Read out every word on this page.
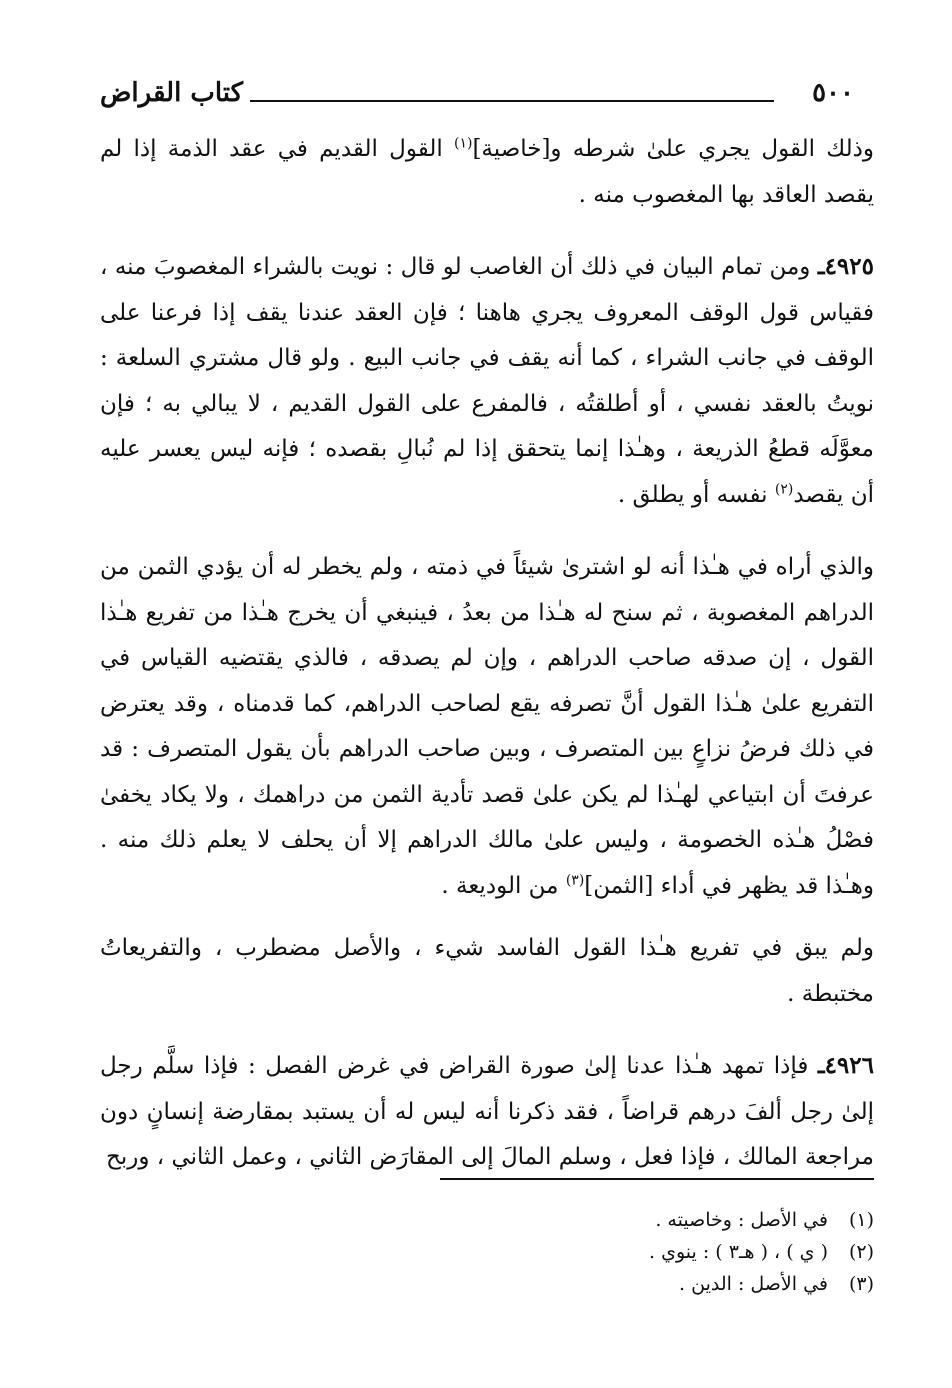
٥٠٠
كتاب القراض

وذلك القول يجري علىٰ شرطه و[خاصية]$^{(١)}$ القول القديم في عقد الذمة إذا لم يقصد العاقد بها المغصوب منه .

٤٩٢٥ـ ومن تمام البيان في ذلك أن الغاصب لو قال : نويت بالشراء المغصوبَ منه ، فقياس قول الوقف المعروف يجري هاهنا ؛ فإن العقد عندنا يقف إذا فرعنا على الوقف في جانب الشراء ، كما أنه يقف في جانب البيع . ولو قال مشتري السلعة : نويتُ بالعقد نفسي ، أو أطلقتُه ، فالمفرع على القول القديم ، لا يبالي به ؛ فإن معوَّلَه قطعُ الذريعة ، وهـٰذا إنما يتحقق إذا لم نُبالِ بقصده ؛ فإنه ليس يعسر عليه أن يقصد$^{(٢)}$ نفسه أو يطلق .

والذي أراه في هـٰذا أنه لو اشترىٰ شيئاً في ذمته ، ولم يخطر له أن يؤدي الثمن من الدراهم المغصوبة ، ثم سنح له هـٰذا من بعدُ ، فينبغي أن يخرج هـٰذا من تفريع هـٰذا القول ، إن صدقه صاحب الدراهم ، وإن لم يصدقه ، فالذي يقتضيه القياس في التفريع علىٰ هـٰذا القول أنَّ تصرفه يقع لصاحب الدراهم، كما قدمناه ، وقد يعترض في ذلك فرضُ نزاعٍ بين المتصرف ، وبين صاحب الدراهم بأن يقول المتصرف : قد عرفتَ أن ابتياعي لهـٰذا لم يكن علىٰ قصد تأدية الثمن من دراهمك ، ولا يكاد يخفىٰ فصْلُ هـٰذه الخصومة ، وليس علىٰ مالك الدراهم إلا أن يحلف لا يعلم ذلك منه . وهـٰذا قد يظهر في أداء [الثمن]$^{(٣)}$ من الوديعة .

ولم يبق في تفريع هـٰذا القول الفاسد شيء ، والأصل مضطرب ، والتفريعاتُ مختبطة .

٤٩٢٦ـ فإذا تمهد هـٰذا عدنا إلىٰ صورة القراض في غرض الفصل : فإذا سلَّم رجل إلىٰ رجل ألفَ درهم قراضاً ، فقد ذكرنا أنه ليس له أن يستبد بمقارضة إنسانٍ دون مراجعة المالك ، فإذا فعل ، وسلم المالَ إلى المقارَض الثاني ، وعمل الثاني ، وربح

(١)في الأصل : وخاصيته .
(٢)( ي ) ، ( هـ٣ ) : ينوي .
(٣)في الأصل : الدين .
